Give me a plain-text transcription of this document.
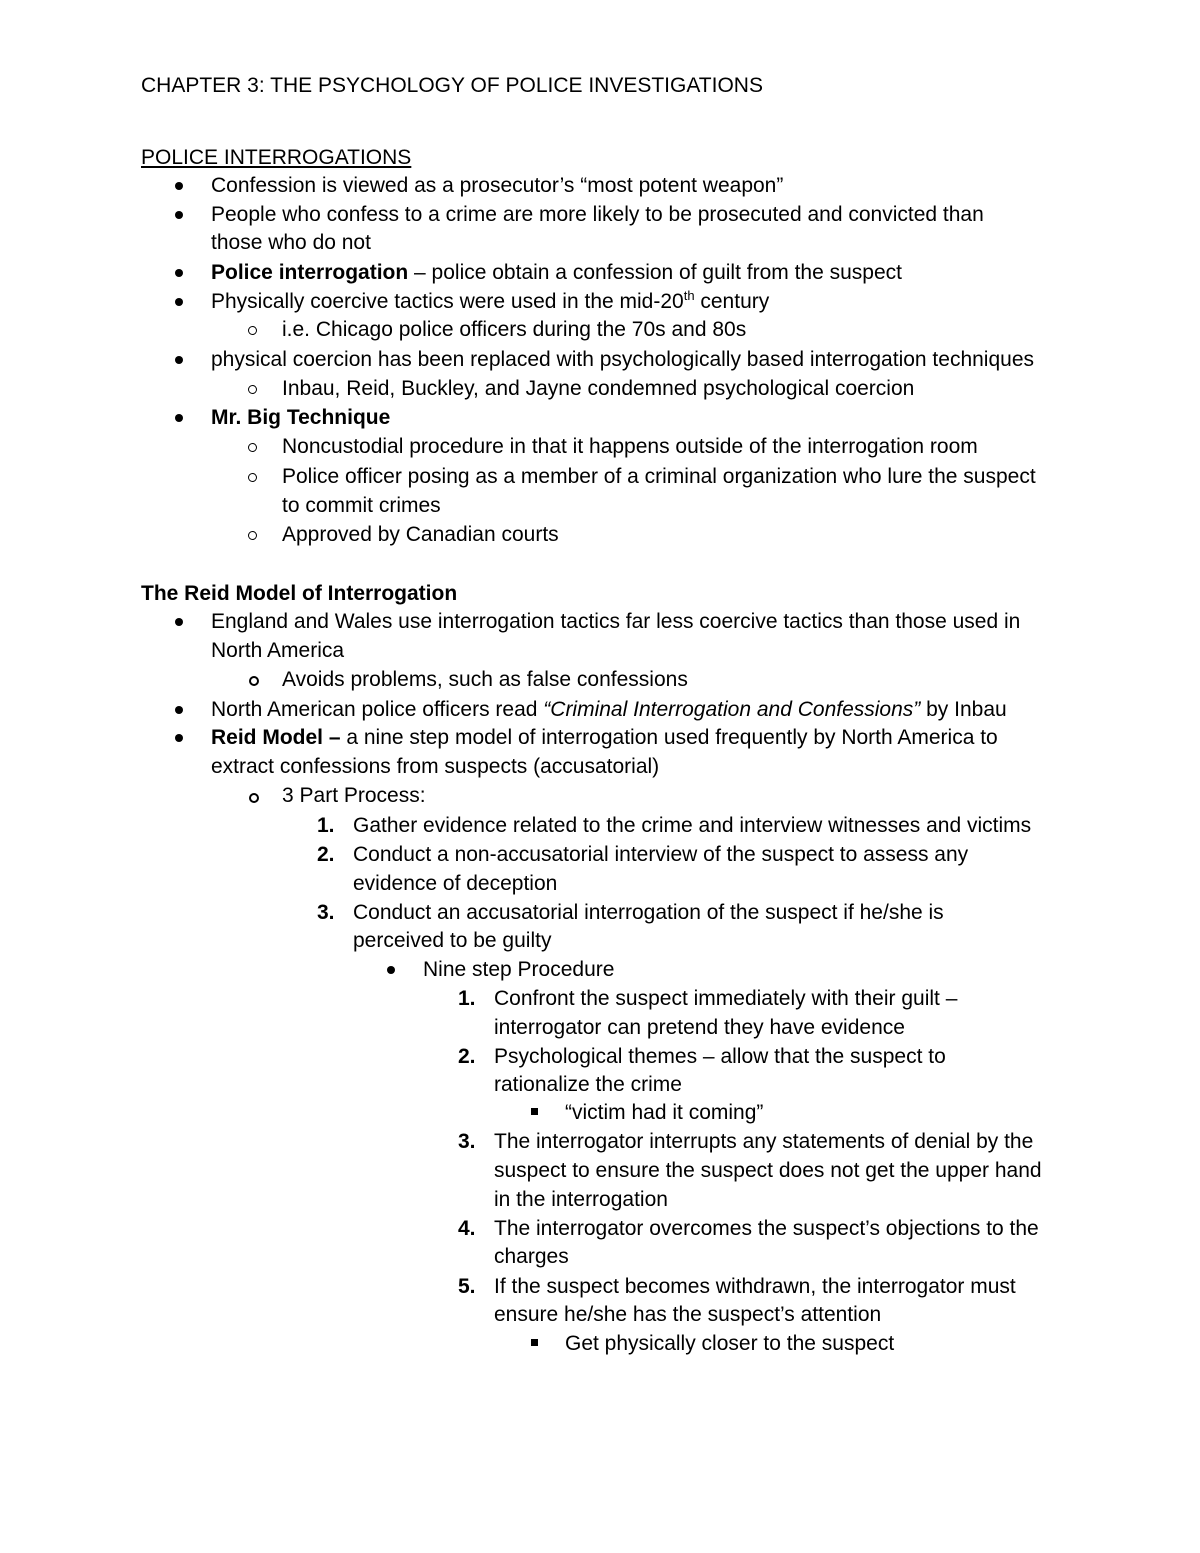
CHAPTER 3: THE PSYCHOLOGY OF POLICE INVESTIGATIONS
POLICE INTERROGATIONS
Confession is viewed as a prosecutor’s “most potent weapon”
People who confess to a crime are more likely to be prosecuted and convicted than
those who do not
Police interrogation – police obtain a confession of guilt from the suspect
Physically coercive tactics were used in the mid-20th century
i.e. Chicago police officers during the 70s and 80s
physical coercion has been replaced with psychologically based interrogation techniques
Inbau, Reid, Buckley, and Jayne condemned psychological coercion
Mr. Big Technique
Noncustodial procedure in that it happens outside of the interrogation room
Police officer posing as a member of a criminal organization who lure the suspect
to commit crimes
Approved by Canadian courts
The Reid Model of Interrogation
England and Wales use interrogation tactics far less coercive tactics than those used in
North America
Avoids problems, such as false confessions
North American police officers read “Criminal Interrogation and Confessions” by Inbau
Reid Model – a nine step model of interrogation used frequently by North America to
extract confessions from suspects (accusatorial)
3 Part Process:
1. Gather evidence related to the crime and interview witnesses and victims
2. Conduct a non-accusatorial interview of the suspect to assess any
evidence of deception
3. Conduct an accusatorial interrogation of the suspect if he/she is
perceived to be guilty
Nine step Procedure
1. Confront the suspect immediately with their guilt –
interrogator can pretend they have evidence
2. Psychological themes – allow that the suspect to
rationalize the crime
“victim had it coming”
3. The interrogator interrupts any statements of denial by the
suspect to ensure the suspect does not get the upper hand
in the interrogation
4. The interrogator overcomes the suspect’s objections to the
charges
5. If the suspect becomes withdrawn, the interrogator must
ensure he/she has the suspect’s attention
Get physically closer to the suspect
